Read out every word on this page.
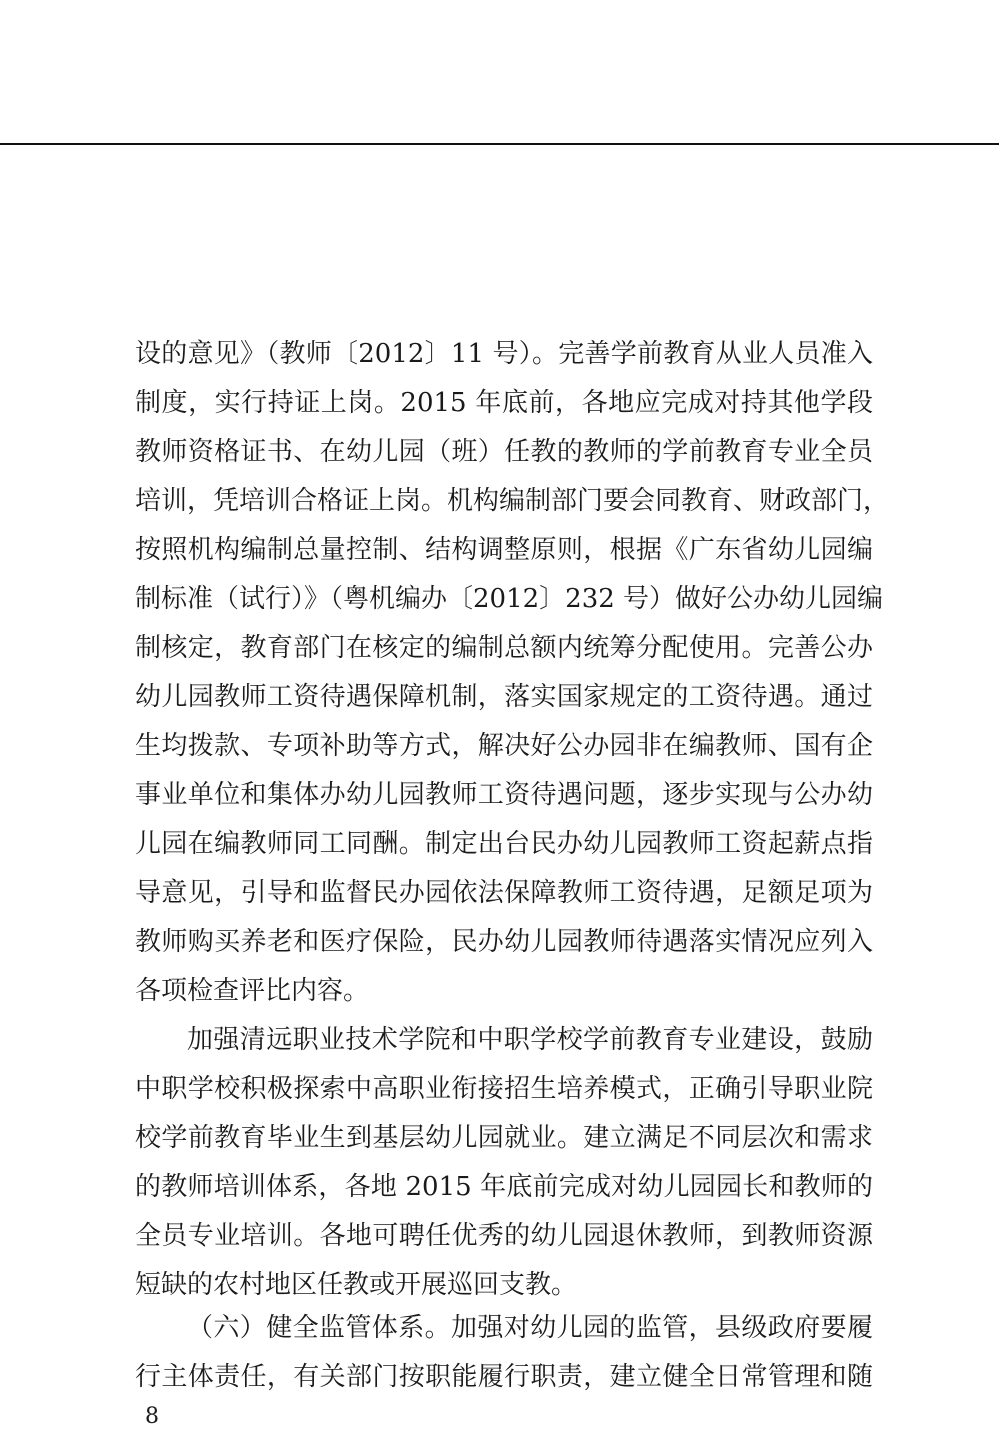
设的意见》（教师〔2012〕11 号）。完善学前教育从业人员准入
制度，实行持证上岗。2015 年底前，各地应完成对持其他学段
教师资格证书、在幼儿园（班）任教的教师的学前教育专业全员
培训，凭培训合格证上岗。机构编制部门要会同教育、财政部门，
按照机构编制总量控制、结构调整原则，根据《广东省幼儿园编
制标准（试行）》（粤机编办〔2012〕232 号）做好公办幼儿园编
制核定，教育部门在核定的编制总额内统筹分配使用。完善公办
幼儿园教师工资待遇保障机制，落实国家规定的工资待遇。通过
生均拨款、专项补助等方式，解决好公办园非在编教师、国有企
事业单位和集体办幼儿园教师工资待遇问题，逐步实现与公办幼
儿园在编教师同工同酬。制定出台民办幼儿园教师工资起薪点指
导意见，引导和监督民办园依法保障教师工资待遇，足额足项为
教师购买养老和医疗保险，民办幼儿园教师待遇落实情况应列入
各项检查评比内容。
加强清远职业技术学院和中职学校学前教育专业建设，鼓励
中职学校积极探索中高职业衔接招生培养模式，正确引导职业院
校学前教育毕业生到基层幼儿园就业。建立满足不同层次和需求
的教师培训体系，各地 2015 年底前完成对幼儿园园长和教师的
全员专业培训。各地可聘任优秀的幼儿园退休教师，到教师资源
短缺的农村地区任教或开展巡回支教。
（六）健全监管体系。加强对幼儿园的监管，县级政府要履
行主体责任，有关部门按职能履行职责，建立健全日常管理和随
8
